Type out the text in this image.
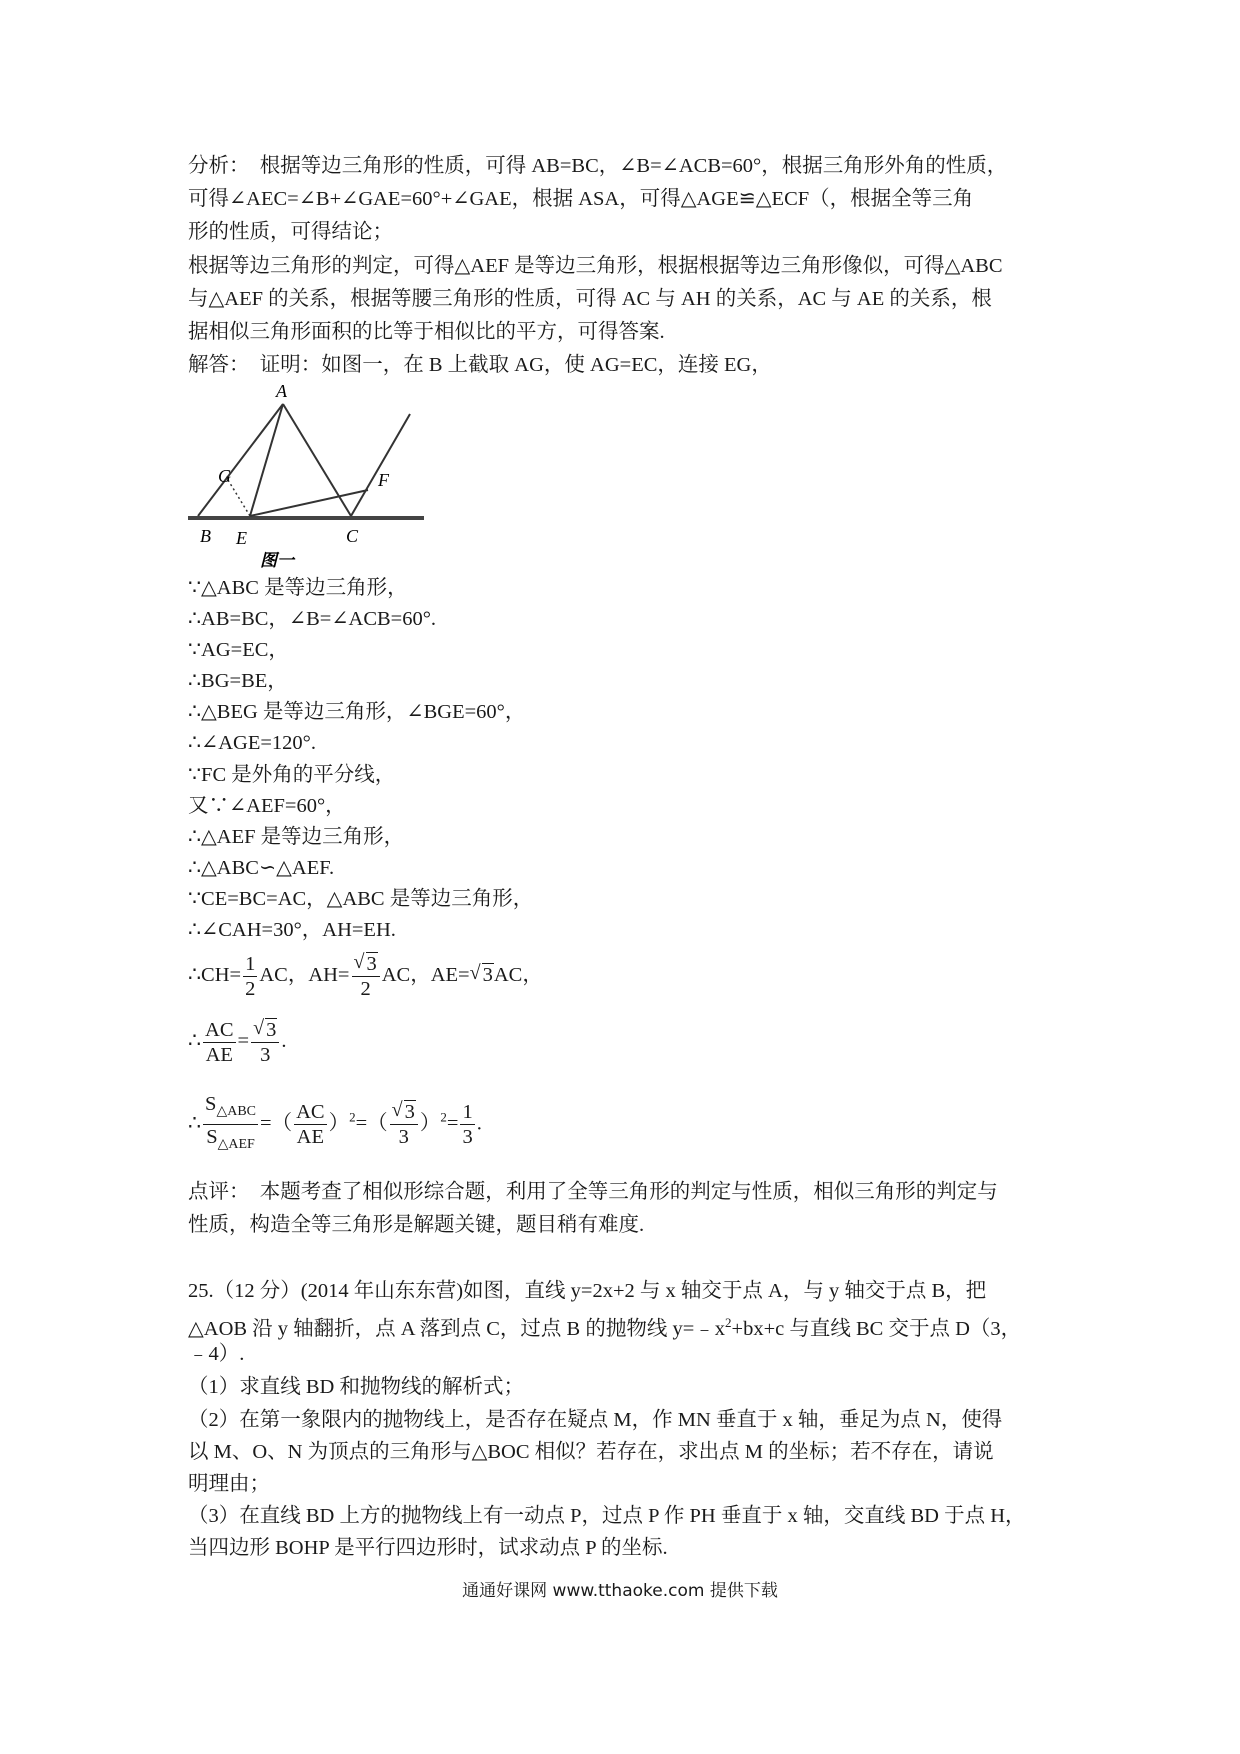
分析：　根据等边三角形的性质，可得 AB=BC，∠B=∠ACB=60°，根据三角形外角的性质，
可得∠AEC=∠B+∠GAE=60°+∠GAE，根据 ASA，可得△AGE≌△ECF（，根据全等三角
形的性质，可得结论；
根据等边三角形的判定，可得△AEF 是等边三角形，根据根据等边三角形像似，可得△ABC
与△AEF 的关系，根据等腰三角形的性质，可得 AC 与 AH 的关系，AC 与 AE 的关系，根
据相似三角形面积的比等于相似比的平方，可得答案.
解答：　证明：如图一，在 B 上截取 AG，使 AG=EC，连接 EG，
A
G	F
B E	C
图一
∵△ABC 是等边三角形，
∴AB=BC，∠B=∠ACB=60°.
∵AG=EC，
∴BG=BE，
∴△BEG 是等边三角形，∠BGE=60°，
∴∠AGE=120°.
∵FC 是外角的平分线，
又∵∠AEF=60°，
∴△AEF 是等边三角形，
∴△ABC∽△AEF.
∵CE=BC=AC，△ABC 是等边三角形，
∴∠CAH=30°，AH=EH.
∴CH= $\frac{1}{2}$ AC，AH= √ $\frac{3}{2}$ AC，AE= √ 3AC，
∴ $\frac{AC}{AE}$ = √ $\frac{3}{3}$ .
∴ $\frac{S_{\triangle ABC}}{S_{\triangle AEF}}$ =（ $\frac{AC}{AE} )^2=$（ √ $\frac{3}{3} )^2= \frac{1}{3}$ .
点评：　本题考查了相似形综合题，利用了全等三角形的判定与性质，相似三角形的判定与
性质，构造全等三角形是解题关键，题目稍有难度.
25.（12 分）(2014 年山东东营)如图，直线 y=2x+2 与 x 轴交于点 A，与 y 轴交于点 B，把
△AOB 沿 y 轴翻折，点 A 落到点 C，过点 B 的抛物线 $y=﹣x^2+bx+c$ 与直线 BC 交于点 D（3，
﹣4）.
（1）求直线 BD 和抛物线的解析式；
（2）在第一象限内的抛物线上，是否存在疑点 M，作 MN 垂直于 x 轴，垂足为点 N，使得
以 M、O、N 为顶点的三角形与△BOC 相似？若存在，求出点 M 的坐标；若不存在，请说
明理由；
（3）在直线 BD 上方的抛物线上有一动点 P，过点 P 作 PH 垂直于 x 轴，交直线 BD 于点 H，
当四边形 BOHP 是平行四边形时，试求动点 P 的坐标.
通通好课网 www.tthaoke.com 提供下载
